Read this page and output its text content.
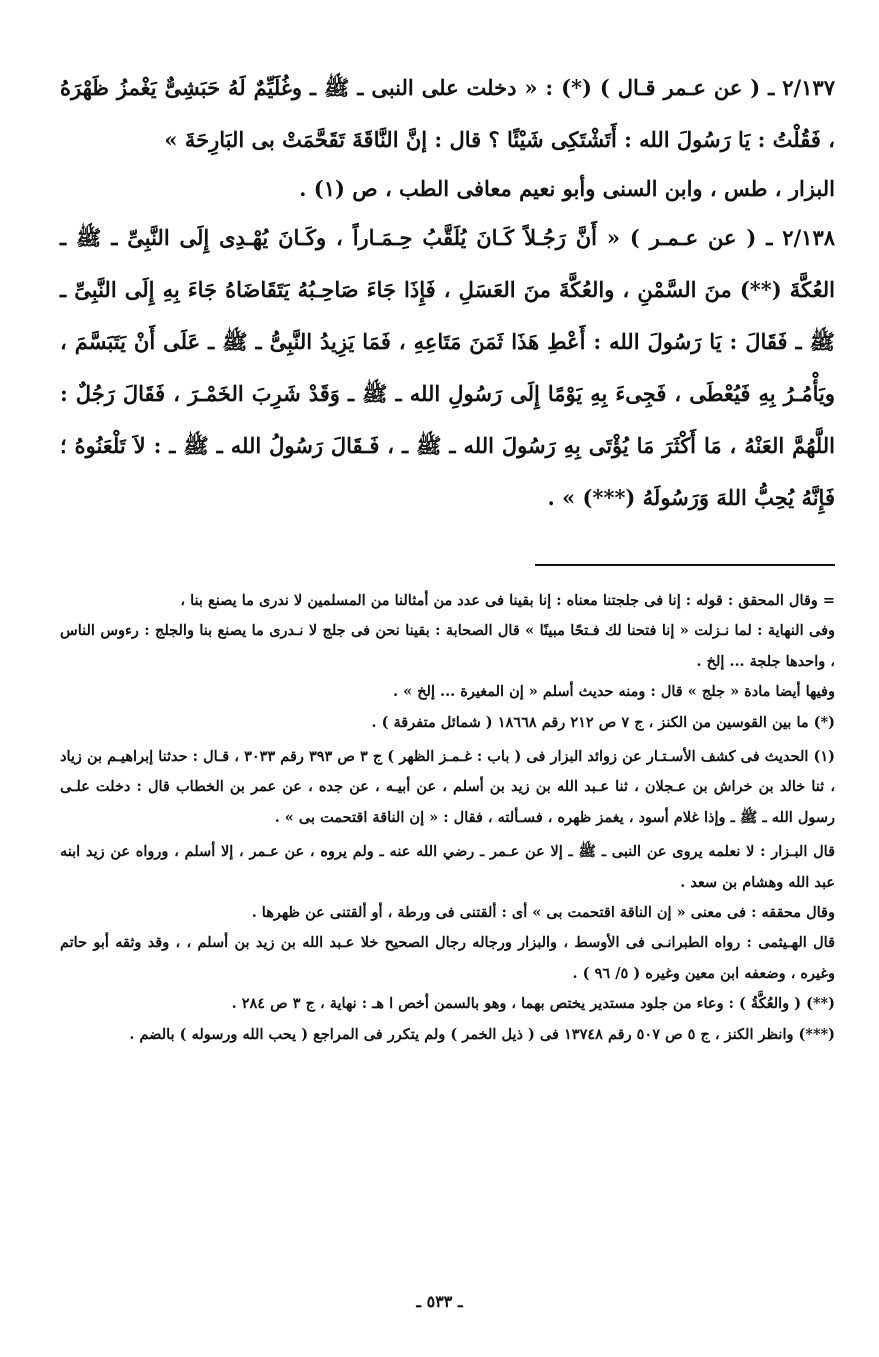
٢/١٣٧ ـ ( عن عـمر قـال ) (*) : « دخلت على النبى ـ ﷺ ـ وغُلَيِّمٌ لَهُ حَبَشِىٌّ يَغْمزُ ظَهْرَهُ ، فَقُلْتُ : يَا رَسُولَ الله : أَتَشْتَكِى شَيْئًا ؟ قال : إنَّ النَّاقَةَ تَقَحَّمَتْ بى البَارِحَةَ »

البزار ، طس ، وابن السنى وأبو نعيم معافى الطب ، ص (١) .

٢/١٣٨ ـ ( عن عـمـر ) « أَنَّ رَجُـلاً كَـانَ يُلَقَّبُ حِـمَـاراً ، وكَـانَ يُهْـدِى إِلَى النَّبِىِّ ـ ﷺ ـ العُكَّةَ (**) منَ السَّمْنِ ، والعُكَّةَ منَ العَسَلِ ، فَإِذَا جَاءَ صَاحِـبُهُ يَتَقَاضَاهُ جَاءَ بِهِ إِلَى النَّبِىِّ ـ ﷺ ـ فَقَالَ : يَا رَسُولَ الله : أَعْطِ هَذَا ثَمَنَ مَتَاعِهِ ، فَمَا يَزِيدُ النَّبِىُّ ـ ﷺ ـ عَلَى أَنْ يَتَبَسَّمَ ، ويَأْمُـرُ بِهِ فَيُعْطَى ، فَجِىءَ بِهِ يَوْمًا إِلَى رَسُولِ الله ـ ﷺ ـ وَقَدْ شَرِبَ الخَمْـرَ ، فَقَالَ رَجُلٌ : اللَّهُمَّ العَنْهُ ، مَا أَكْثَرَ مَا يُؤْتَى بِهِ رَسُولَ الله ـ ﷺ ـ ، فَـقَالَ رَسُولُ الله ـ ﷺ ـ : لاَ تَلْعَنُوهُ ؛ فَإِنَّهُ يُحِبُّ اللهَ وَرَسُولَهُ (***) » .

= وقال المحقق : قوله : إنا فى جلجتنا معناه : إنا بقينا فى عدد من أمثالنا من المسلمين لا ندرى ما يصنع بنا ،

وفى النهاية : لما نـزلت « إنا فتحنا لك فـتحًا مبينًا » قال الصحابة : بقينا نحن فى جلج لا نـدرى ما يصنع بنا والجلج : رءوس الناس ، واحدها جلجة ... إلخ .

وفيها أيضا مادة « جلج » قال : ومنه حديث أسلم « إن المغيرة ... إلخ » .

(*) ما بين القوسين من الكنز ، ج ٧ ص ٢١٢ رقم ١٨٦٦٨ ( شمائل متفرقة ) .

(١) الحديث فى كشف الأسـتـار عن زوائد البزار فى ( باب : غـمـز الظهر ) ج ٣ ص ٣٩٣ رقم ٣٠٣٣ ، قـال : حدثنا إبراهيـم بن زياد ، ثنا خالد بن خراش بن عـجلان ، ثنا عـبد الله بن زيد بن أسلم ، عن أبيـه ، عن جده ، عن عمر بن الخطاب قال : دخلت علـى رسول الله ـ ﷺ ـ وإذا غلام أسود ، يغمز ظهره ، فسـألته ، فقال : « إن الناقة اقتحمت بى » .

قال البـزار : لا نعلمه يروى عن النبى ـ ﷺ ـ إلا عن عـمر ـ رضي الله عنه ـ ولم يروه ، عن عـمر ، إلا أسلم ، ورواه عن زيد ابنه عبد الله وهشام بن سعد .

وقال محققه : فى معنى « إن الناقة اقتحمت بى » أى : ألقتنى فى ورطة ، أو ألقتنى عن ظهرها .

قال الهـيثمى : رواه الطبرانـى فى الأوسط ، والبزار ورجاله رجال الصحيح خلا عـبد الله بن زيد بن أسلم ، ، وقد وثقه أبو حاتم وغيره ، وضعفه ابن معين وغيره ( ٥/ ٩٦ ) .

(**) ( والعُكَّةُ ) : وعاء من جلود مستدير يختص بهما ، وهو بالسمن أخص ا هـ : نهاية ، ج ٣ ص ٢٨٤ .

(***) وانظر الكنز ، ج ٥ ص ٥٠٧ رقم ١٣٧٤٨ فى ( ذيل الخمر ) ولم يتكرر فى المراجع ( يحب الله ورسوله ) بالضم .

ـ ٥٣٣ ـ
